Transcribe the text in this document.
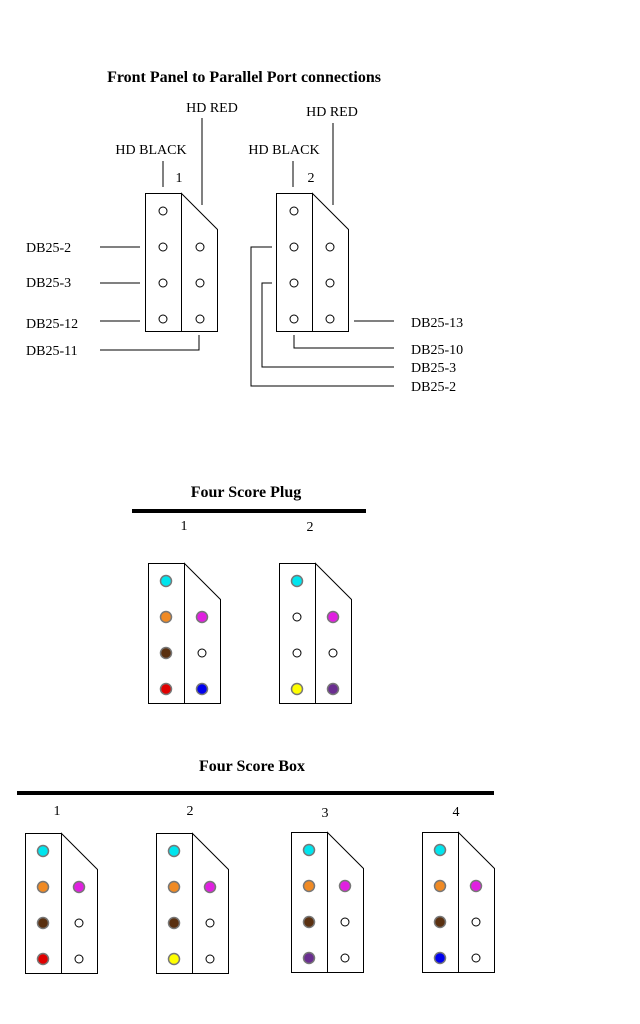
Front Panel to Parallel Port connections
HD RED
HD BLACK
1
DB25-2
DB25-3
DB25-12
DB25-11
HD RED
HD BLACK
2
DB25-13
DB25-10
DB25-3
DB25-2
Four Score Plug
1	2
Four Score Box
1	2	3	4
